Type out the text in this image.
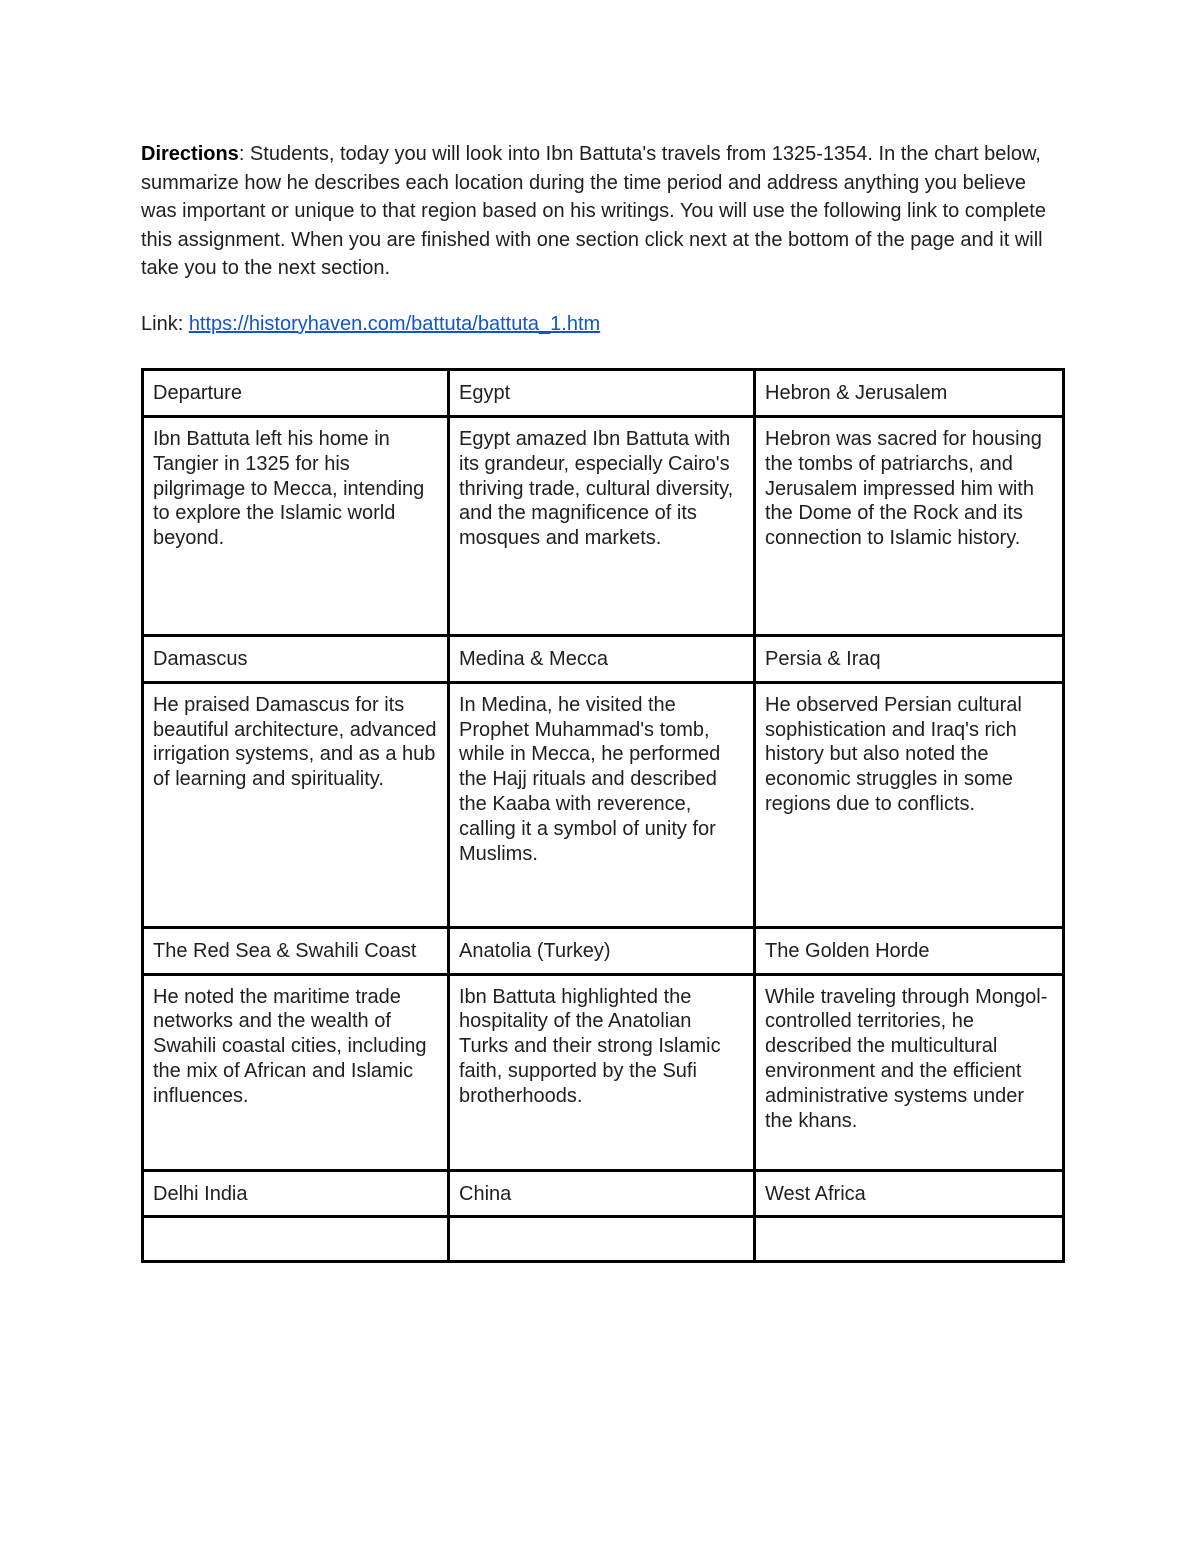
Directions: Students, today you will look into Ibn Battuta's travels from 1325-1354. In the chart below, summarize how he describes each location during the time period and address anything you believe was important or unique to that region based on his writings. You will use the following link to complete this assignment. When you are finished with one section click next at the bottom of the page and it will take you to the next section.

Link: https://historyhaven.com/battuta/battuta_1.htm

Departure	Egypt	Hebron & Jerusalem
Ibn Battuta left his home in Tangier in 1325 for his pilgrimage to Mecca, intending to explore the Islamic world beyond.	Egypt amazed Ibn Battuta with its grandeur, especially Cairo's thriving trade, cultural diversity, and the magnificence of its mosques and markets.	Hebron was sacred for housing the tombs of patriarchs, and Jerusalem impressed him with the Dome of the Rock and its connection to Islamic history.
Damascus	Medina & Mecca	Persia & Iraq
He praised Damascus for its beautiful architecture, advanced irrigation systems, and as a hub of learning and spirituality.	In Medina, he visited the Prophet Muhammad's tomb, while in Mecca, he performed the Hajj rituals and described the Kaaba with reverence, calling it a symbol of unity for Muslims.	He observed Persian cultural sophistication and Iraq's rich history but also noted the economic struggles in some regions due to conflicts.
The Red Sea & Swahili Coast	Anatolia (Turkey)	The Golden Horde
He noted the maritime trade networks and the wealth of Swahili coastal cities, including the mix of African and Islamic influences.	Ibn Battuta highlighted the hospitality of the Anatolian Turks and their strong Islamic faith, supported by the Sufi brotherhoods.	While traveling through Mongol-controlled territories, he described the multicultural environment and the efficient administrative systems under the khans.
Delhi India	China	West Africa
